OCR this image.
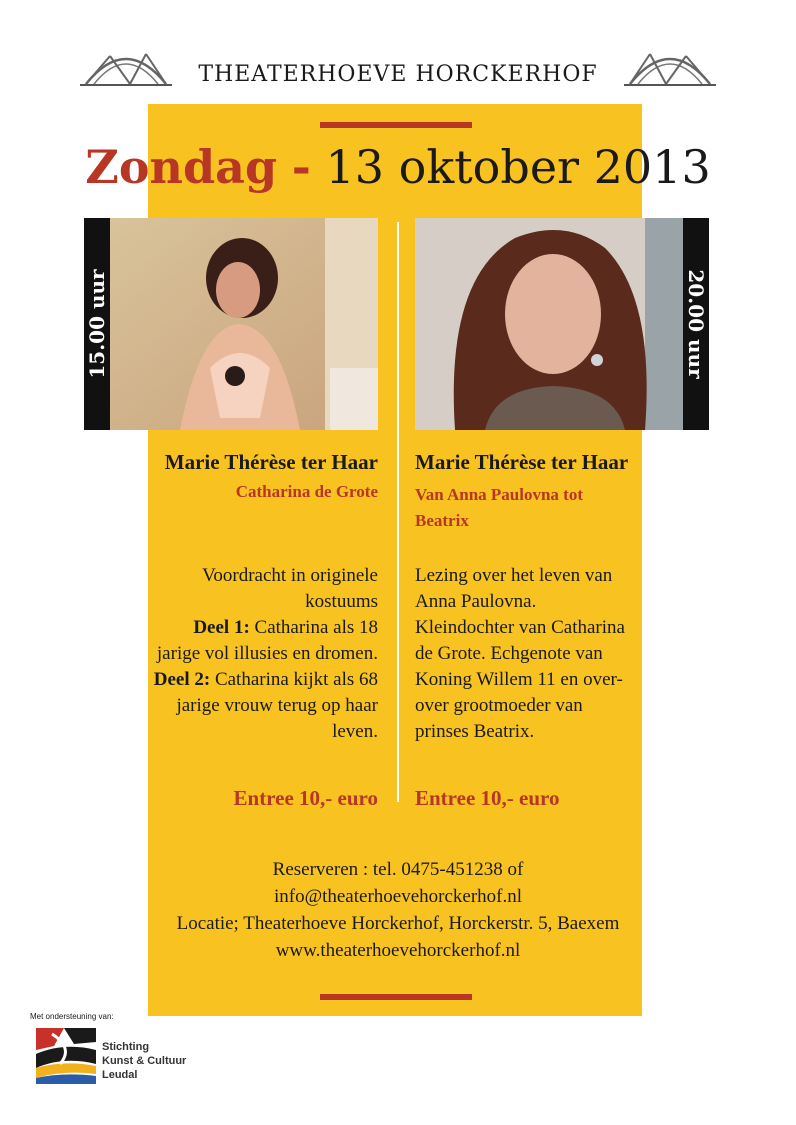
THEATERHOEVE HORCKERHOF
Zondag - 13 oktober 2013
15.00 uur	20.00 uur
Marie Thérèse ter Haar
Catharina de Grote
Voordracht in originele
kostuums
Deel 1: Catharina als 18
jarige vol illusies en dromen.
Deel 2: Catharina kijkt als 68
jarige vrouw terug op haar
leven.
Entree 10,- euro
Marie Thérèse ter Haar
Van Anna Paulovna tot
Beatrix
Lezing over het leven van
Anna Paulovna.
Kleindochter van Catharina
de Grote. Echgenote van
Koning Willem 11 en over-
over grootmoeder van
prinses Beatrix.
Entree 10,- euro
Reserveren : tel. 0475-451238 of
info@theaterhoevehorckerhof.nl
Locatie; Theaterhoeve Horckerhof, Horckerstr. 5, Baexem
www.theaterhoevehorckerhof.nl
Met ondersteuning van:
Stichting
Kunst & Cultuur
Leudal
